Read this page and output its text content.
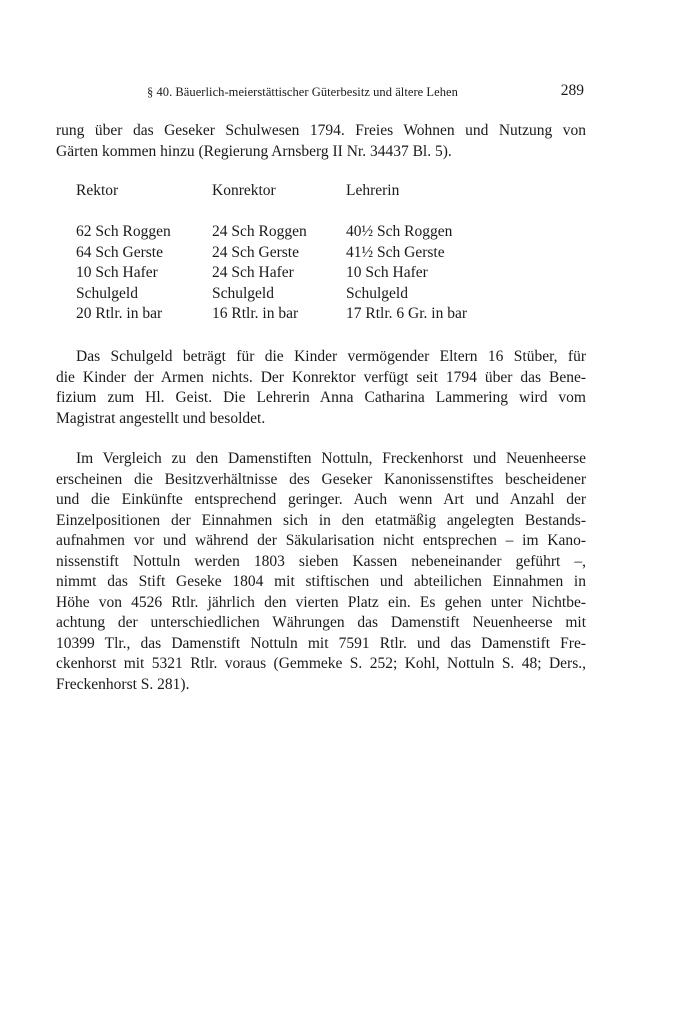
§ 40. Bäuerlich-meierstättischer Güterbesitz und ältere Lehen	289
rung über das Geseker Schulwesen 1794. Freies Wohnen und Nutzung von
Gärten kommen hinzu (Regierung Arnsberg II Nr. 34437 Bl. 5).
Rektor
62 Sch Roggen
64 Sch Gerste
10 Sch Hafer
Schulgeld
20 Rtlr. in bar
Konrektor
24 Sch Roggen
24 Sch Gerste
24 Sch Hafer
Schulgeld
16 Rtlr. in bar
Lehrerin
40½ Sch Roggen
41½ Sch Gerste
10 Sch Hafer
Schulgeld
17 Rtlr. 6 Gr. in bar
Das Schulgeld beträgt für die Kinder vermögender Eltern 16 Stüber, für
die Kinder der Armen nichts. Der Konrektor verfügt seit 1794 über das Bene-
fizium zum Hl. Geist. Die Lehrerin Anna Catharina Lammering wird vom
Magistrat angestellt und besoldet.
Im Vergleich zu den Damenstiften Nottuln, Freckenhorst und Neuenheerse
erscheinen die Besitzverhältnisse des Geseker Kanonissenstiftes bescheidener
und die Einkünfte entsprechend geringer. Auch wenn Art und Anzahl der
Einzelpositionen der Einnahmen sich in den etatmäßig angelegten Bestands-
aufnahmen vor und während der Säkularisation nicht entsprechen – im Kano-
nissenstift Nottuln werden 1803 sieben Kassen nebeneinander geführt –,
nimmt das Stift Geseke 1804 mit stiftischen und abteilichen Einnahmen in
Höhe von 4526 Rtlr. jährlich den vierten Platz ein. Es gehen unter Nichtbe-
achtung der unterschiedlichen Währungen das Damenstift Neuenheerse mit
10399 Tlr., das Damenstift Nottuln mit 7591 Rtlr. und das Damenstift Fre-
ckenhorst mit 5321 Rtlr. voraus (Gemmeke S. 252; Kohl, Nottuln S. 48; Ders.,
Freckenhorst S. 281).
